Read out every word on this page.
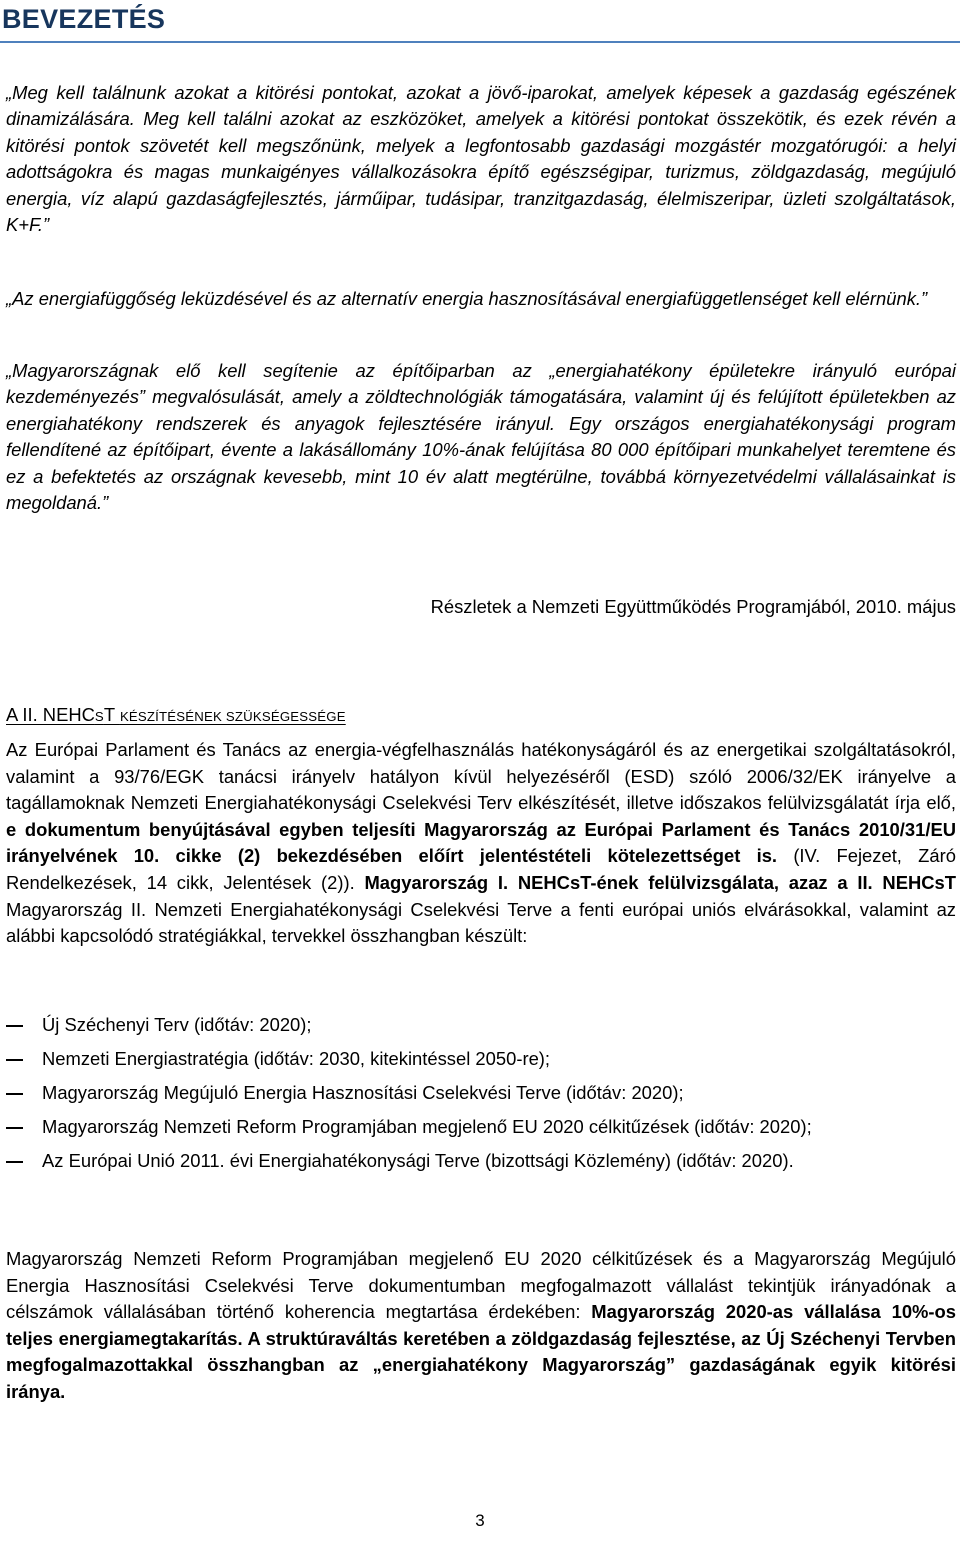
BEVEZETÉS

„Meg kell találnunk azokat a kitörési pontokat, azokat a jövő-iparokat, amelyek képesek a gazdaság egészének dinamizálására. Meg kell találni azokat az eszközöket, amelyek a kitörési pontokat összekötik, és ezek révén a kitörési pontok szövetét kell megszőnünk, melyek a legfontosabb gazdasági mozgástér mozgatórugói: a helyi adottságokra és magas munkaigényes vállalkozásokra építő egészségipar, turizmus, zöldgazdaság, megújuló energia, víz alapú gazdaságfejlesztés, járműipar, tudásipar, tranzitgazdaság, élelmiszeripar, üzleti szolgáltatások, K+F.”

„Az energiafüggőség leküzdésével és az alternatív energia hasznosításával energiafüggetlenséget kell elérnünk.”

„Magyarországnak elő kell segítenie az építőiparban az „energiahatékony épületekre irányuló európai kezdeményezés” megvalósulását, amely a zöldtechnológiák támogatására, valamint új és felújított épületekben az energiahatékony rendszerek és anyagok fejlesztésére irányul. Egy országos energiahatékonysági program fellendítené az építőipart, évente a lakásállomány 10%-ának felújítása 80 000 építőipari munkahelyet teremtene és ez a befektetés az országnak kevesebb, mint 10 év alatt megtérülne, továbbá környezetvédelmi vállalásainkat is megoldaná.”

Részletek a Nemzeti Együttműködés Programjából, 2010. május
A II. NEHCST KÉSZÍTÉSÉNEK SZÜKSÉGESSÉGE

Az Európai Parlament és Tanács az energia-végfelhasználás hatékonyságáról és az energetikai szolgáltatásokról, valamint a 93/76/EGK tanácsi irányelv hatályon kívül helyezéséről (ESD) szóló 2006/32/EK irányelve a tagállamoknak Nemzeti Energiahatékonysági Cselekvési Terv elkészítését, illetve időszakos felülvizsgálatát írja elő, e dokumentum benyújtásával egyben teljesíti Magyarország az Európai Parlament és Tanács 2010/31/EU irányelvének 10. cikke (2) bekezdésében előírt jelentéstételi kötelezettséget is. (IV. Fejezet, Záró Rendelkezések, 14 cikk, Jelentések (2)). Magyarország I. NEHCsT-ének felülvizsgálata, azaz a II. NEHCsT Magyarország II. Nemzeti Energiahatékonysági Cselekvési Terve a fenti európai uniós elvárásokkal, valamint az alábbi kapcsolódó stratégiákkal, tervekkel összhangban készült:

Új Széchenyi Terv (időtáv: 2020);
Nemzeti Energiastratégia (időtáv: 2030, kitekintéssel 2050-re);
Magyarország Megújuló Energia Hasznosítási Cselekvési Terve (időtáv: 2020);
Magyarország Nemzeti Reform Programjában megjelenő EU 2020 célkitűzések (időtáv: 2020);
Az Európai Unió 2011. évi Energiahatékonysági Terve (bizottsági Közlemény) (időtáv: 2020).

Magyarország Nemzeti Reform Programjában megjelenő EU 2020 célkitűzések és a Magyarország Megújuló Energia Hasznosítási Cselekvési Terve dokumentumban megfogalmazott vállalást tekintjük irányadónak a célszámok vállalásában történő koherencia megtartása érdekében: Magyarország 2020-as vállalása 10%-os teljes energiamegtakarítás. A struktúraváltás keretében a zöldgazdaság fejlesztése, az Új Széchenyi Tervben megfogalmazottakkal összhangban az „energiahatékony Magyarország” gazdaságának egyik kitörési iránya.

3
